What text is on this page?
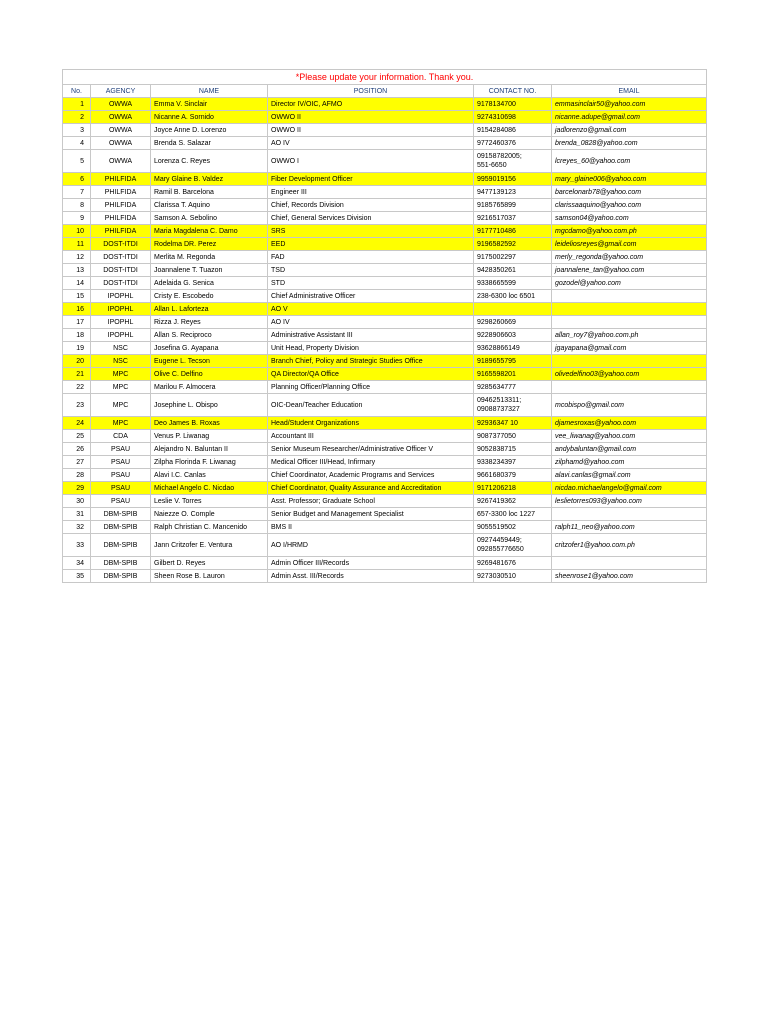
*Please update your information. Thank you.					
No.	AGENCY	NAME	POSITION	CONTACT NO.	EMAIL
1	OWWA	Emma V. Sinclair	Director IV/OIC, AFMO	9178134700	emmasinclair50@yahoo.com
2	OWWA	Nicanne A. Sornido	OWWO II	9274310698	nicanne.adupe@gmail.com
3	OWWA	Joyce Anne D. Lorenzo	OWWO II	9154284086	jadlorenzo@gmail.com
4	OWWA	Brenda S. Salazar	AO IV	9772460376	brenda_0828@yahoo.com
5	OWWA	Lorenza C. Reyes	OWWO I	09158782005;
551-6650	lcreyes_60@yahoo.com
6	PHILFIDA	Mary Glaine B. Valdez	Fiber Development Officer	9959019156	mary_glaine006@yahoo.com
7	PHILFIDA	Ramil B. Barcelona	Engineer III	9477139123	barcelonarb78@yahoo.com
8	PHILFIDA	Clarissa T. Aquino	Chief, Records Division	9185765899	clarissaaquino@yahoo.com
9	PHILFIDA	Samson A. Sebolino	Chief, General Services Division	9216517037	samson04@yahoo.com
10	PHILFIDA	Maria Magdalena C. Damo	SRS	9177710486	mgcdamo@yahoo.com.ph
11	DOST-ITDI	Rodelma DR. Perez	EED	9196582592	leideliosreyes@gmail.com
12	DOST-ITDI	Merlita M. Regonda	FAD	9175002297	merly_regonda@yahoo.com
13	DOST-ITDI	Joannalene T. Tuazon	TSD	9428350261	joannalene_tan@yahoo.com
14	DOST-ITDI	Adelaida G. Senica	STD	9338665599	gozodel@yahoo.com
15	IPOPHL	Cristy E. Escobedo	Chief Administrative Officer	238-6300 loc 6501	
16	IPOPHL	Allan L. Laforteza	AO V		
17	IPOPHL	Rizza J. Reyes	AO IV	9298260669	
18	IPOPHL	Allan S. Reciproco	Administrative Assistant III	9228906603	allan_roy7@yahoo.com.ph
19	NSC	Josefina G. Ayapana	Unit Head, Property Division	93628866149	jgayapana@gmail.com
20	NSC	Eugene L. Tecson	Branch Chief, Policy and Strategic Studies Office	9189655795	
21	MPC	Olive C. Delfino	QA Director/QA Office	9165598201	olivedelfino03@yahoo.com
22	MPC	Marilou F. Almocera	Planning Officer/Planning Office	9285634777	
23	MPC	Josephine L. Obispo	OIC-Dean/Teacher Education	09462513311;
09088737327	mcobispo@gmail.com
24	MPC	Deo James B. Roxas	Head/Student Organizations	92936347 10	djamesroxas@yahoo.com
25	CDA	Venus P. Liwanag	Accountant III	9087377050	vee_liwanag@yahoo.com
26	PSAU	Alejandro N. Baluntan II	Senior Museum Researcher/Administrative Officer V	9052838715	andybaluntan@gmail.com
27	PSAU	Zilpha Florinda F. Liwanag	Medical Officer III/Head, Infirmary	9338234397	zilphamd@yahoo.com
28	PSAU	Alavi I.C. Canlas	Chief Coordinator, Academic Programs and Services	9661680379	alavi.canlas@gmail.com
29	PSAU	Michael Angelo C. Nicdao	Chief Coordinator, Quality Assurance and Accreditation	9171206218	nicdao.michaelangelo@gmail.com
30	PSAU	Leslie V. Torres	Asst. Professor; Graduate School	9267419362	leslietorres093@yahoo.com
31	DBM-SPIB	Naiezze O. Comple	Senior Budget and Management Specialist	657-3300 loc 1227	
32	DBM-SPIB	Ralph Christian C. Mancenido	BMS II	9055519502	ralph11_neo@yahoo.com
33	DBM-SPIB	Jann Critzofer E. Ventura	AO I/HRMD	09274459449;
092855776650	critzofer1@yahoo.com.ph
34	DBM-SPIB	Gilbert D. Reyes	Admin Officer III/Records	9269481676	
35	DBM-SPIB	Sheen Rose B. Lauron	Admin Asst. III/Records	9273030510	sheenrose1@yahoo.com
